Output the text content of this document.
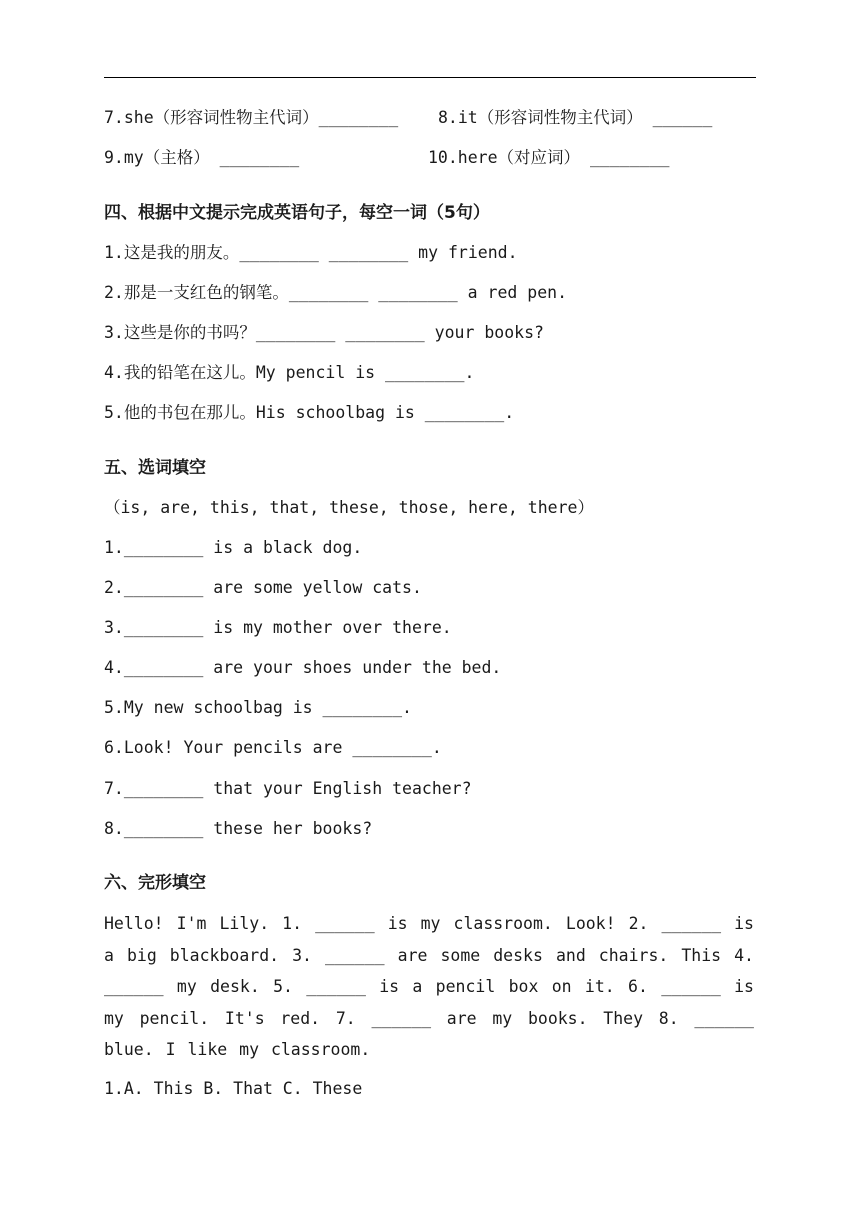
7.she（形容词性物主代词）________ 8.it（形容词性物主代词） ______
9.my（主格） ________	10.here（对应词） ________
四、根据中文提示完成英语句子，每空一词（5句）
1.这是我的朋友。________ ________ my friend.
2.那是一支红色的钢笔。________ ________ a red pen.
3.这些是你的书吗？________ ________ your books?
4.我的铅笔在这儿。My pencil is ________.
5.他的书包在那儿。His schoolbag is ________.
五、选词填空
（is, are, this, that, these, those, here, there）
1.________ is a black dog.
2.________ are some yellow cats.
3.________ is my mother over there.
4.________ are your shoes under the bed.
5.My new schoolbag is ________.
6.Look! Your pencils are ________.
7.________ that your English teacher?
8.________ these her books?
六、完形填空
Hello! I'm Lily. 1. ______ is my classroom. Look! 2. ______ is a big blackboard. 3. ______ are some desks and chairs. This 4. ______ my desk. 5. ______ is a pencil box on it. 6. ______ is my pencil. It's red. 7. ______ are my books. They 8. ______ blue. I like my classroom.
1.A. This B. That C. These
